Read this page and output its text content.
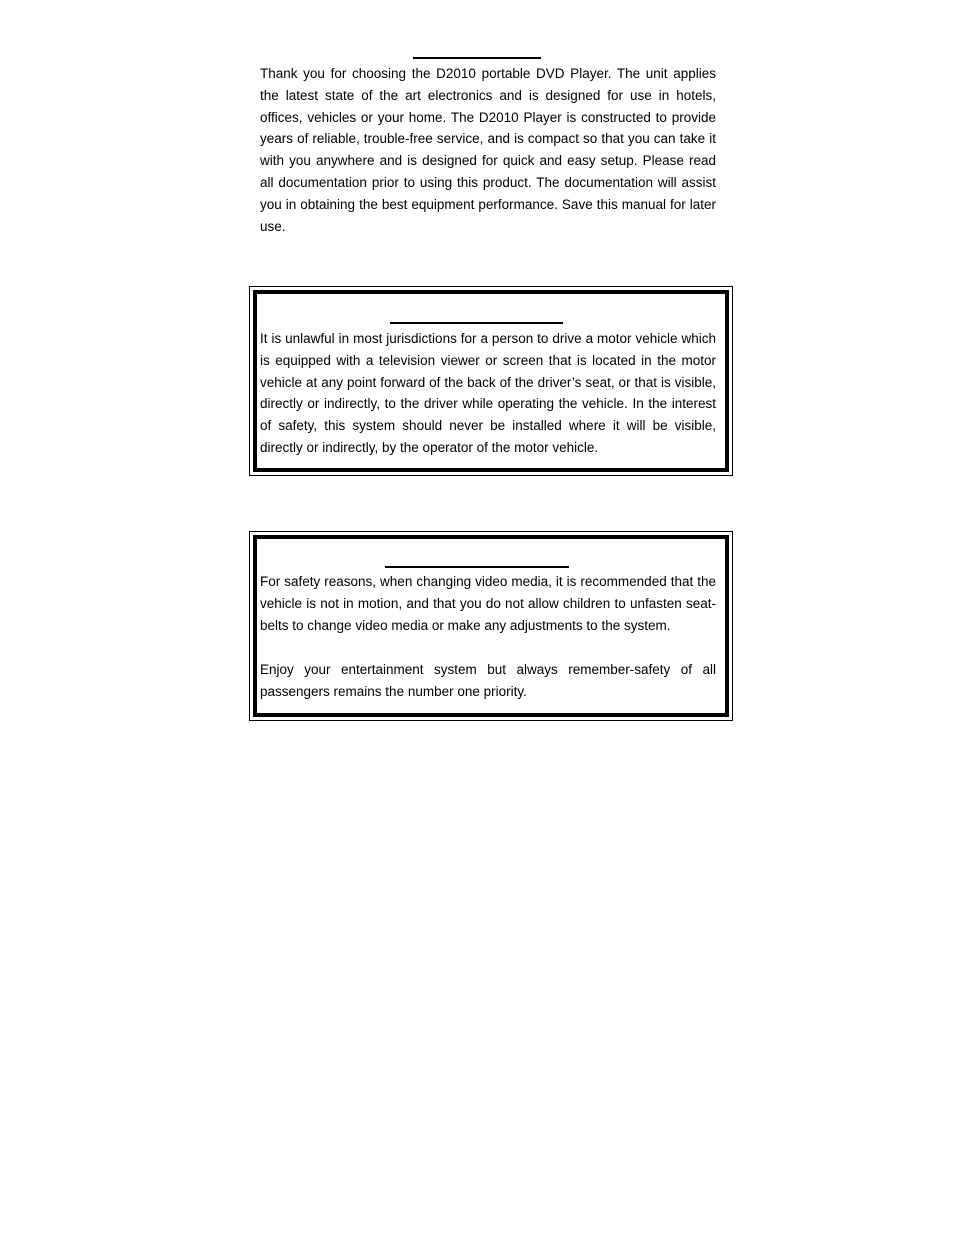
Thank you for choosing the D2010 portable DVD Player. The unit applies the latest state of the art electronics and is designed for use in hotels, offices, vehicles or your home. The D2010 Player is constructed to provide years of reliable, trouble-free service, and is compact so that you can take it with you anywhere and is designed for quick and easy setup. Please read all documentation prior to using this product. The documentation will assist you in obtaining the best equipment performance. Save this manual for later use.

It is unlawful in most jurisdictions for a person to drive a motor vehicle which is equipped with a television viewer or screen that is located in the motor vehicle at any point forward of the back of the driver’s seat, or that is visible, directly or indirectly, to the driver while operating the vehicle. In the interest of safety, this system should never be installed where it will be visible, directly or indirectly, by the operator of the motor vehicle.

For safety reasons, when changing video media, it is recommended that the vehicle is not in motion, and that you do not allow children to unfasten seat-belts to change video media or make any adjustments to the system.

Enjoy your entertainment system but always remember-safety of all passengers remains the number one priority.
